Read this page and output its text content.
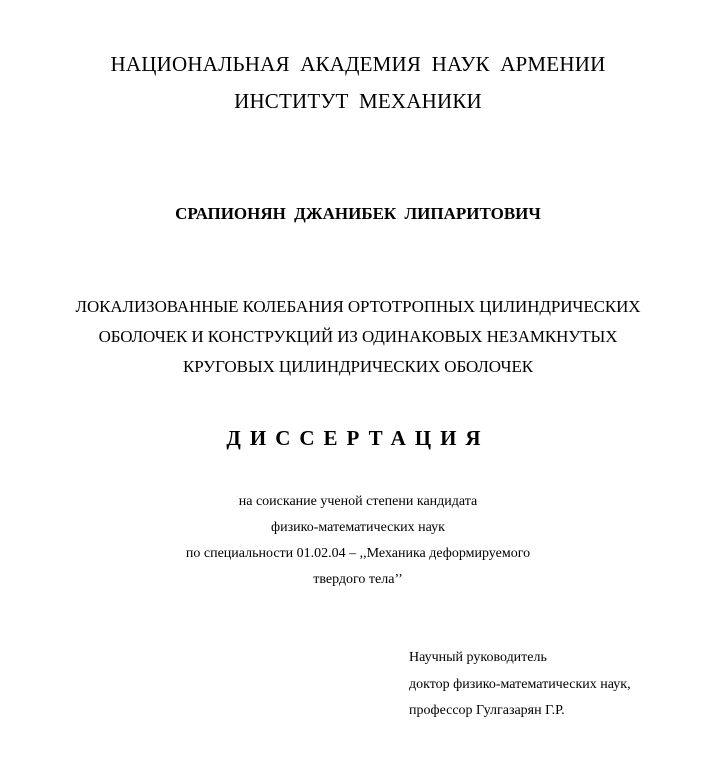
НАЦИОНАЛЬНАЯ АКАДЕМИЯ НАУК АРМЕНИИ
ИНСТИТУТ МЕХАНИКИ
СРАПИОНЯН ДЖАНИБЕК ЛИПАРИТОВИЧ
ЛОКАЛИЗОВАННЫЕ КОЛЕБАНИЯ ОРТОТРОПНЫХ ЦИЛИНДРИЧЕСКИХ
ОБОЛОЧЕК И КОНСТРУКЦИЙ ИЗ ОДИНАКОВЫХ НЕЗАМКНУТЫХ
КРУГОВЫХ ЦИЛИНДРИЧЕСКИХ ОБОЛОЧЕК
ДИССЕРТАЦИЯ
на соискание ученой степени кандидата
физико-математических наук
по специальности 01.02.04 – ,,Механика деформируемого
твердого тела’’
Научный руководитель
доктор физико-математических наук,
профессор Гулгазарян Г.Р.
